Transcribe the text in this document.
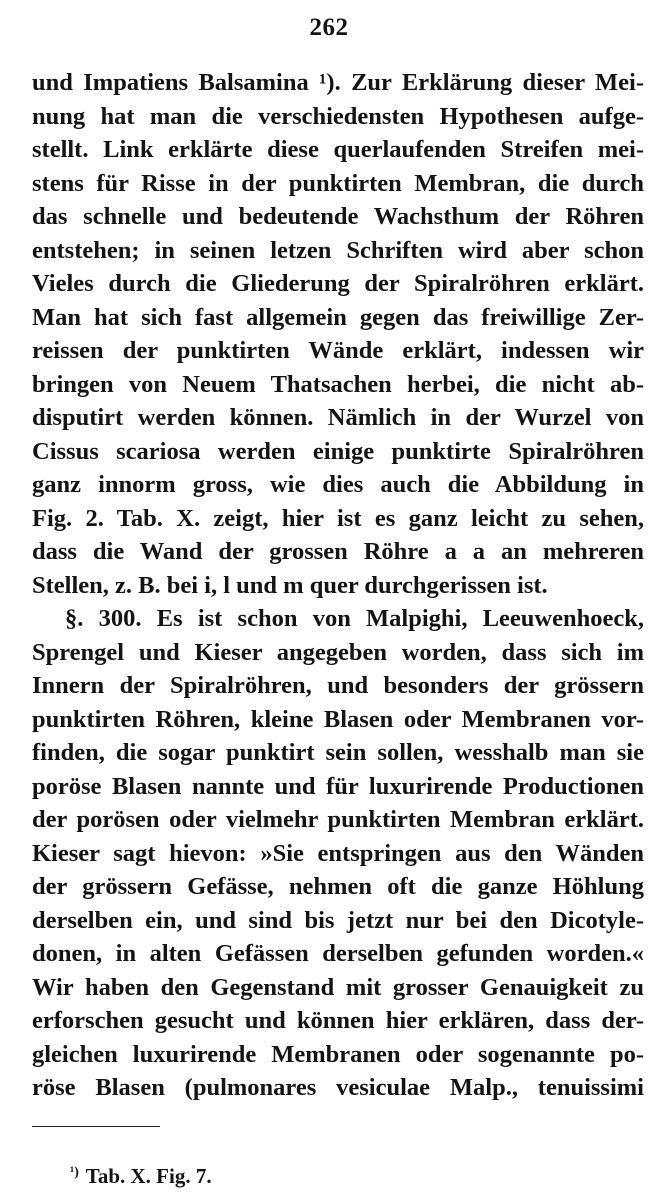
262
und Impatiens Balsamina ¹). Zur Erklärung dieser Mei-
nung hat man die verschiedensten Hypothesen aufge-
stellt. Link erklärte diese querlaufenden Streifen mei-
stens für Risse in der punktirten Membran, die durch
das schnelle und bedeutende Wachsthum der Röhren
entstehen; in seinen letzen Schriften wird aber schon
Vieles durch die Gliederung der Spiralröhren erklärt.
Man hat sich fast allgemein gegen das freiwillige Zer-
reissen der punktirten Wände erklärt, indessen wir
bringen von Neuem Thatsachen herbei, die nicht ab-
disputirt werden können. Nämlich in der Wurzel von
Cissus scariosa werden einige punktirte Spiralröhren
ganz innorm gross, wie dies auch die Abbildung in
Fig. 2. Tab. X. zeigt, hier ist es ganz leicht zu sehen,
dass die Wand der grossen Röhre a a an mehreren
Stellen, z. B. bei i, l und m quer durchgerissen ist.
§. 300. Es ist schon von Malpighi, Leeuwenhoeck,
Sprengel und Kieser angegeben worden, dass sich im
Innern der Spiralröhren, und besonders der grössern
punktirten Röhren, kleine Blasen oder Membranen vor-
finden, die sogar punktirt sein sollen, wesshalb man sie
poröse Blasen nannte und für luxurirende Productionen
der porösen oder vielmehr punktirten Membran erklärt.
Kieser sagt hievon: »Sie entspringen aus den Wänden
der grössern Gefässe, nehmen oft die ganze Höhlung
derselben ein, und sind bis jetzt nur bei den Dicotyle-
donen, in alten Gefässen derselben gefunden worden.«
Wir haben den Gegenstand mit grosser Genauigkeit zu
erforschen gesucht und können hier erklären, dass der-
gleichen luxurirende Membranen oder sogenannte po-
röse Blasen (pulmonares vesiculae Malp., tenuissimi
$^{^1)}$ Tab. X. Fig. 7.
